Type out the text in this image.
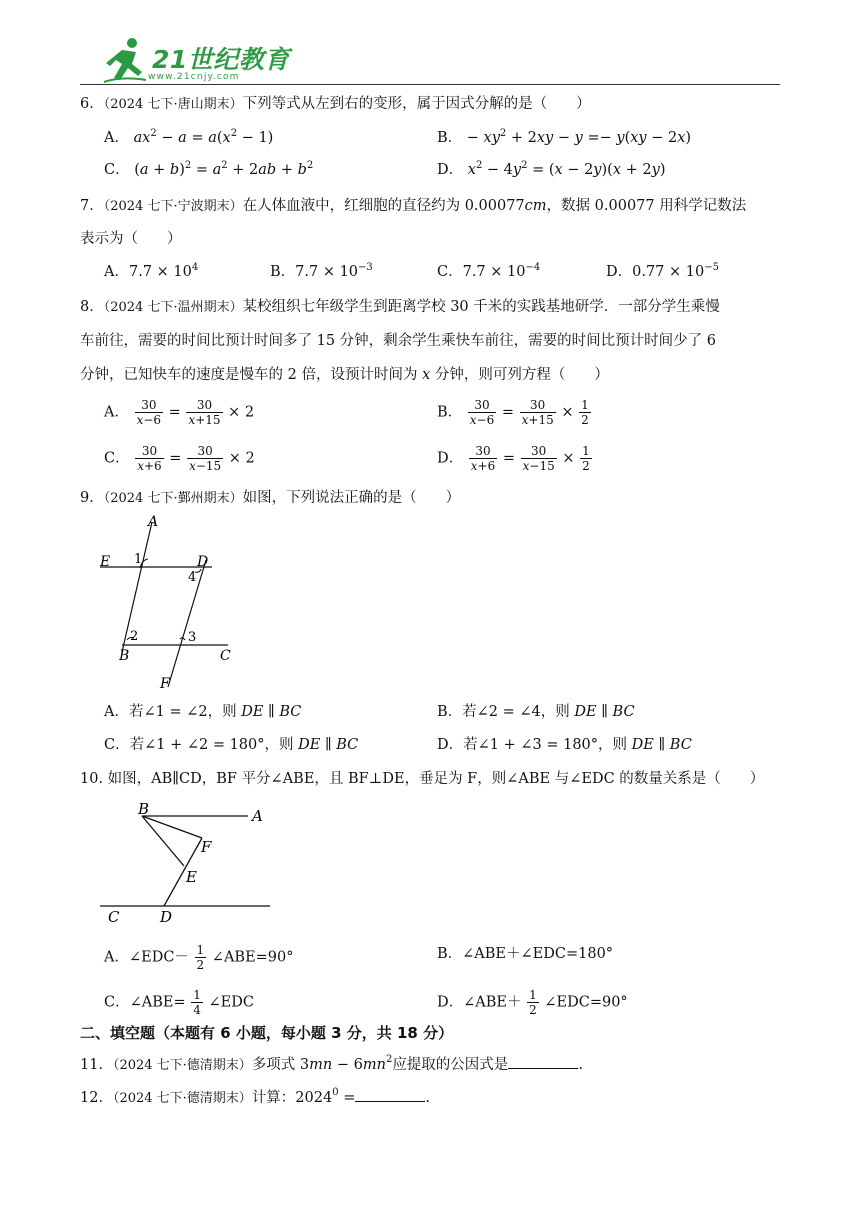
21世纪教育
www.21cnjy.com
6．（2024 七下·唐山期末）下列等式从左到右的变形，属于因式分解的是（　　）
A． $ax^2 - a = a(x^2 - 1)$	B． − $xy^2 + 2xy - y =- y(xy - 2x)$
C． $(a + b)^2 = a^2 + 2ab + b^2$	D． $x^2 - 4y^2 = (x - 2y)(x + 2y)$
7．（2024 七下·宁波期末）在人体血液中，红细胞的直径约为 0.00077cm，数据 0.00077 用科学记数法
表示为（　　）
A．$7.7 \times 10^4$	B．$7.7 \times 10^{-3}$	C．$7.7 \times 10^{-4}$	D．$0.77 \times 10^{-5}$
8．（2024 七下·温州期末）某校组织七年级学生到距离学校 30 千米的实践基地研学．一部分学生乘慢
车前往，需要的时间比预计时间多了 15 分钟，剩余学生乘快车前往，需要的时间比预计时间少了 6
分钟，已知快车的速度是慢车的 2 倍，设预计时间为 x 分钟，则可列方程（　　）
A． $\frac{30}{x-6} = \frac{30}{x+15} \times 2$	B． $\frac{30}{x-6} = \frac{30}{x+15} \times \frac{1}{2}$
C． $\frac{30}{x+6} = \frac{30}{x-15} \times 2$	D． $\frac{30}{x+6} = \frac{30}{x-15} \times \frac{1}{2}$
9．（2024 七下·鄞州期末）如图，下列说法正确的是（　　）
A
E	D
1
4
2	3
B	C
F
A．若∠1 = ∠2，则 DE ∥ BC	B．若∠2 = ∠4，则 DE ∥ BC
C．若∠1 + ∠2 = 180°，则 DE ∥ BC	D．若∠1 + ∠3 = 180°，则 DE ∥ BC
10. 如图，AB∥CD，BF 平分∠ABE，且 BF⊥DE，垂足为 F，则∠ABE 与∠EDC 的数量关系是（　　）
B	A
F
E
C	D
A．∠EDC－ $\frac{1}{2}$ ∠ABE=90°	B．∠ABE＋∠EDC=180°
C．∠ABE= $\frac{1}{4}$ ∠EDC	D．∠ABE＋ $\frac{1}{2}$ ∠EDC=90°
二、填空题（本题有 6 小题，每小题 3 分，共 18 分）
11．（2024 七下·德清期末）多项式 $3mn - 6mn^2$应提取的公因式是	.
12．（2024 七下·德清期末）计算：$2024^0$ =	.
